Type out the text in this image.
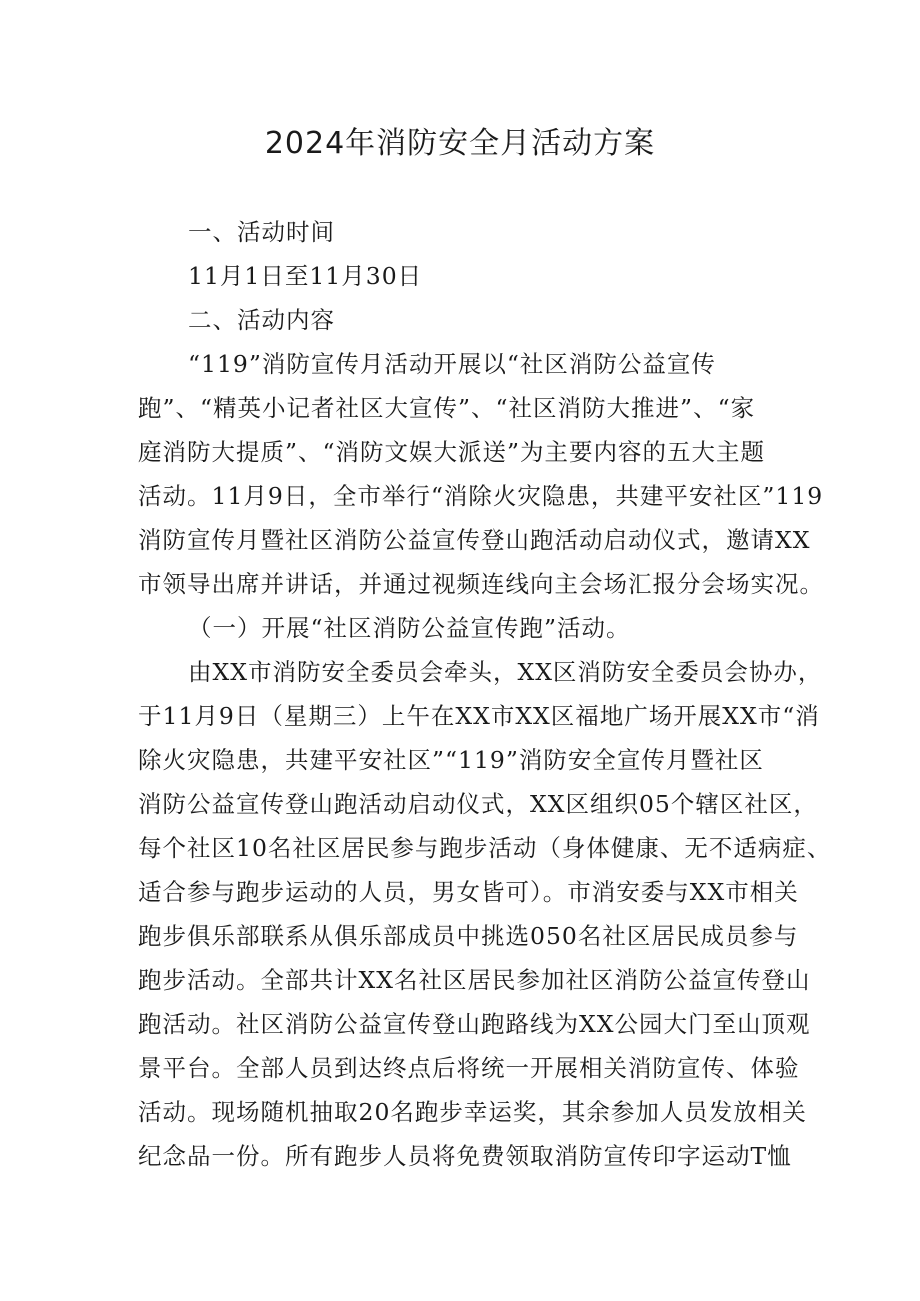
2024年消防安全月活动方案
一、活动时间
11月1日至11月30日
二、活动内容
“119”消防宣传月活动开展以“社区消防公益宣传
跑”、“精英小记者社区大宣传”、“社区消防大推进”、“家
庭消防大提质”、“消防文娱大派送”为主要内容的五大主题
活动。11月9日，全市举行“消除火灾隐患，共建平安社区”119
消防宣传月暨社区消防公益宣传登山跑活动启动仪式，邀请XX
市领导出席并讲话，并通过视频连线向主会场汇报分会场实况。
（一）开展“社区消防公益宣传跑”活动。
由XX市消防安全委员会牵头，XX区消防安全委员会协办，
于11月9日（星期三）上午在XX市XX区福地广场开展XX市“消
除火灾隐患，共建平安社区”“119”消防安全宣传月暨社区
消防公益宣传登山跑活动启动仪式，XX区组织05个辖区社区，
每个社区10名社区居民参与跑步活动（身体健康、无不适病症、
适合参与跑步运动的人员，男女皆可）。市消安委与XX市相关
跑步俱乐部联系从俱乐部成员中挑选050名社区居民成员参与
跑步活动。全部共计XX名社区居民参加社区消防公益宣传登山
跑活动。社区消防公益宣传登山跑路线为XX公园大门至山顶观
景平台。全部人员到达终点后将统一开展相关消防宣传、体验
活动。现场随机抽取20名跑步幸运奖，其余参加人员发放相关
纪念品一份。所有跑步人员将免费领取消防宣传印字运动T恤
